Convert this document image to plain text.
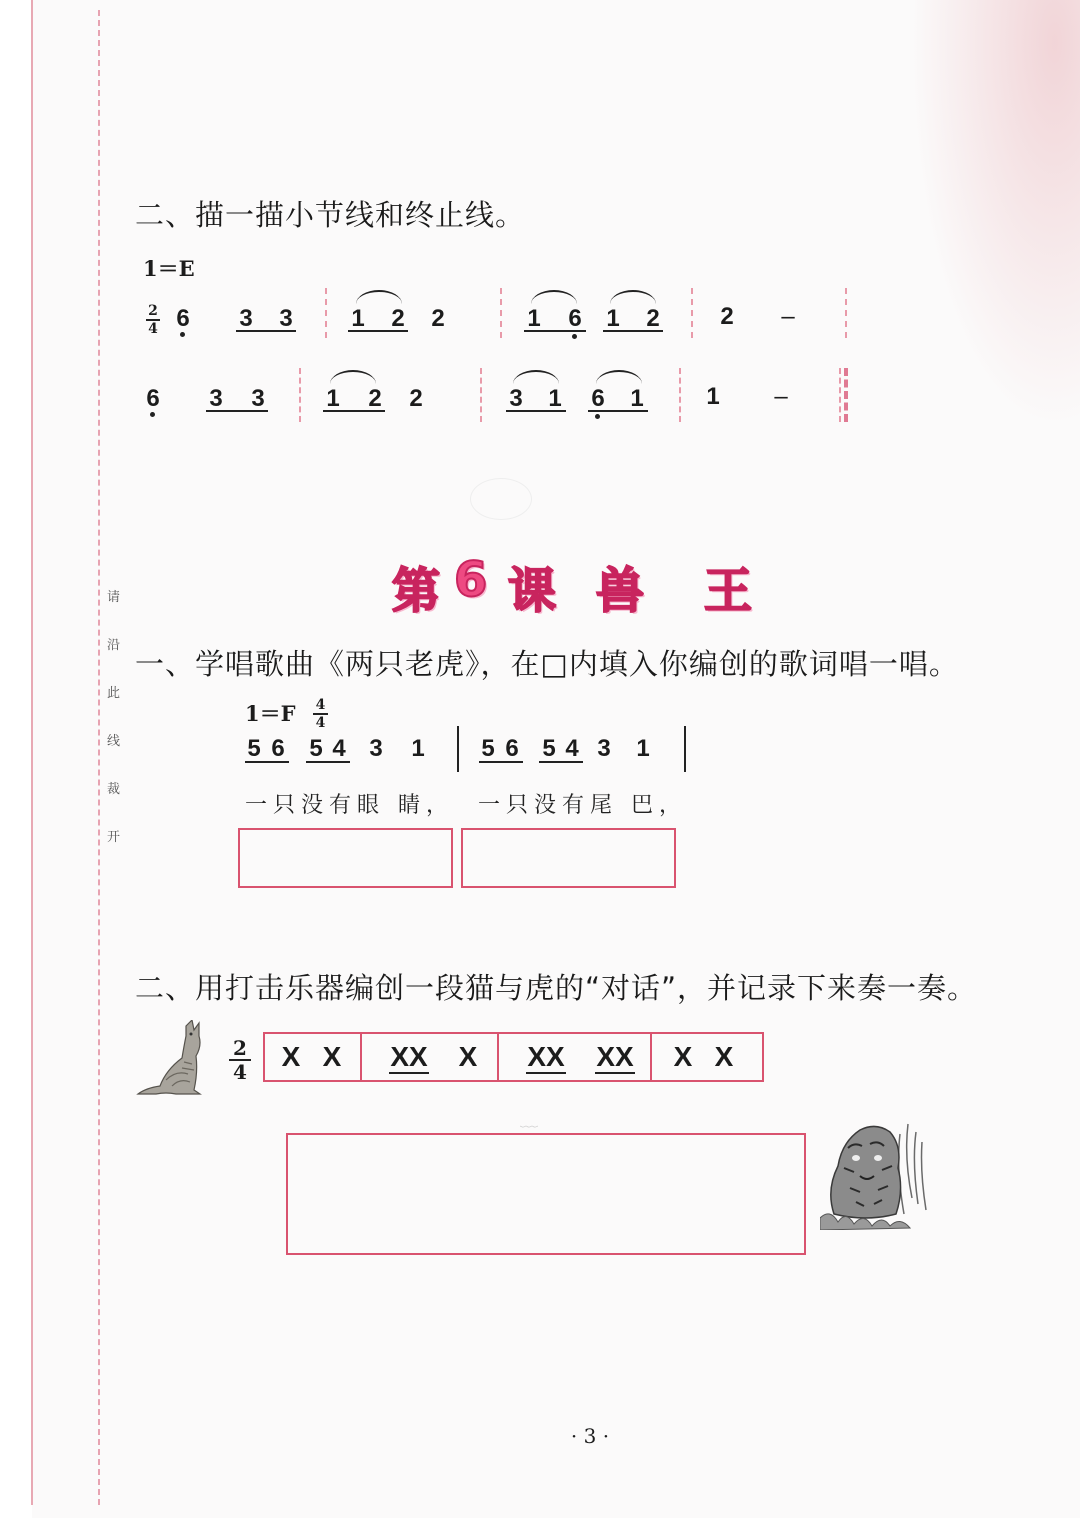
请
沿
此
线
裁
开
二、描一描小节线和终止线。
1＝E
2
4 6 3 3 1 2 2	1 6 1 2	2 –
6 3 3	1 2 2	3 1 6 1	1 –
第 6 课 兽 王
一、学唱歌曲《两只老虎》，在□内填入你编创的歌词唱一唱。
1＝F 4
4
5 6 5 4 3 1 5 6 5 4 3 1
一只没有眼 睛， 一只没有尾 巴，
二、用打击乐器编创一段猫与虎的“对话”，并记录下来奏一奏。
2
4 X X XX X XX XX X X
﹏
· 3 ·
